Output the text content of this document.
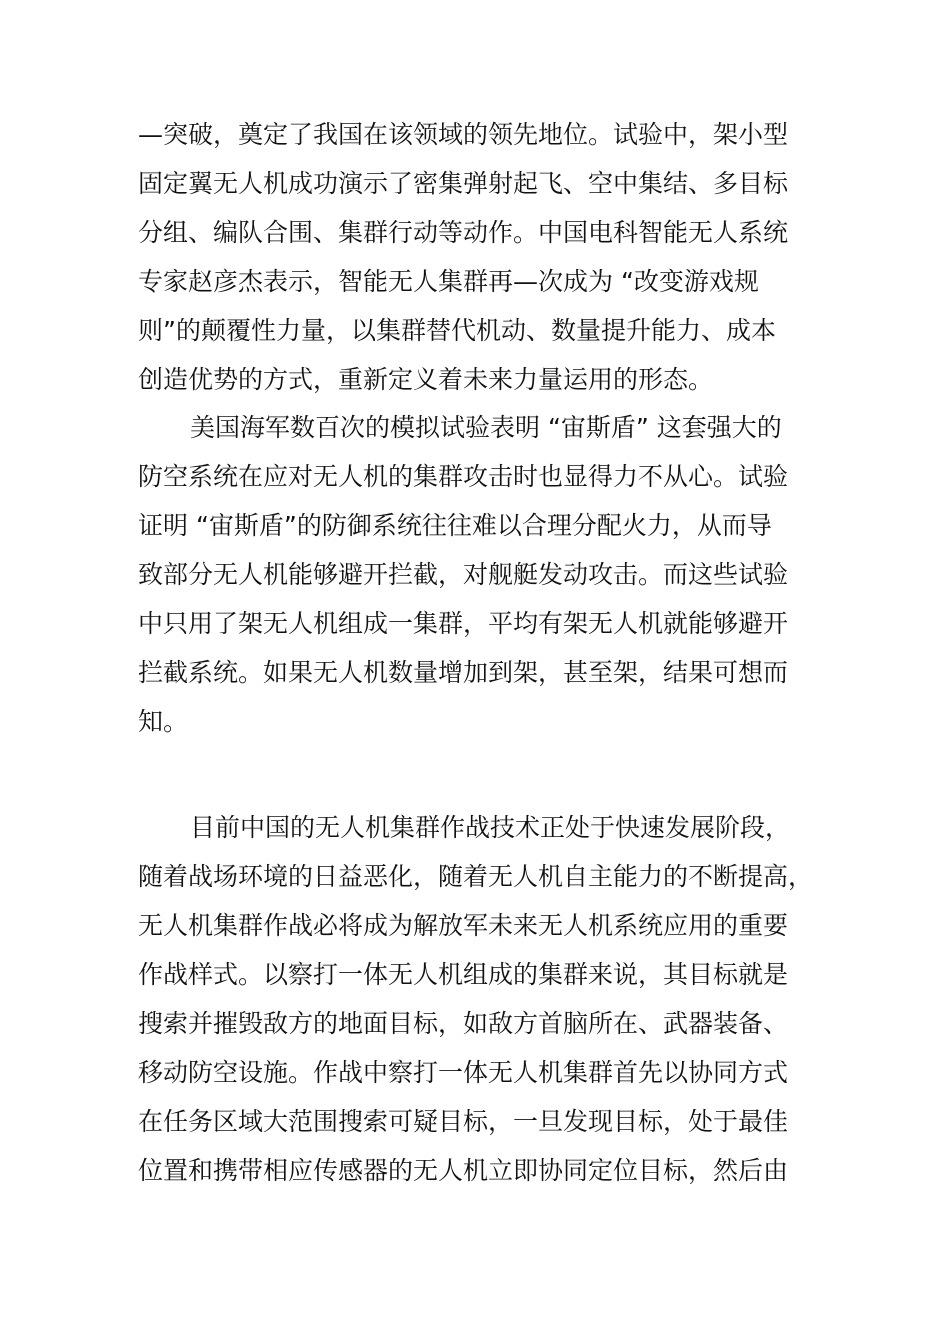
—突破，奠定了我国在该领域的领先地位。试验中，架小型
固定翼无人机成功演示了密集弹射起飞、空中集结、多目标
分组、编队合围、集群行动等动作。中国电科智能无人系统
专家赵彦杰表示，智能无人集群再—次成为 “改变游戏规
则”的颠覆性力量，以集群替代机动、数量提升能力、成本
创造优势的方式，重新定义着未来力量运用的形态。
美国海军数百次的模拟试验表明 “宙斯盾” 这套强大的
防空系统在应对无人机的集群攻击时也显得力不从心。试验
证明 “宙斯盾”的防御系统往往难以合理分配火力，从而导
致部分无人机能够避开拦截，对舰艇发动攻击。而这些试验
中只用了架无人机组成一集群，平均有架无人机就能够避开
拦截系统。如果无人机数量增加到架，甚至架，结果可想而
知。
目前中国的无人机集群作战技术正处于快速发展阶段，
随着战场环境的日益恶化，随着无人机自主能力的不断提高，
无人机集群作战必将成为解放军未来无人机系统应用的重要
作战样式。以察打一体无人机组成的集群来说，其目标就是
搜索并摧毁敌方的地面目标，如敌方首脑所在、武器装备、
移动防空设施。作战中察打一体无人机集群首先以协同方式
在任务区域大范围搜索可疑目标，一旦发现目标，处于最佳
位置和携带相应传感器的无人机立即协同定位目标，然后由
